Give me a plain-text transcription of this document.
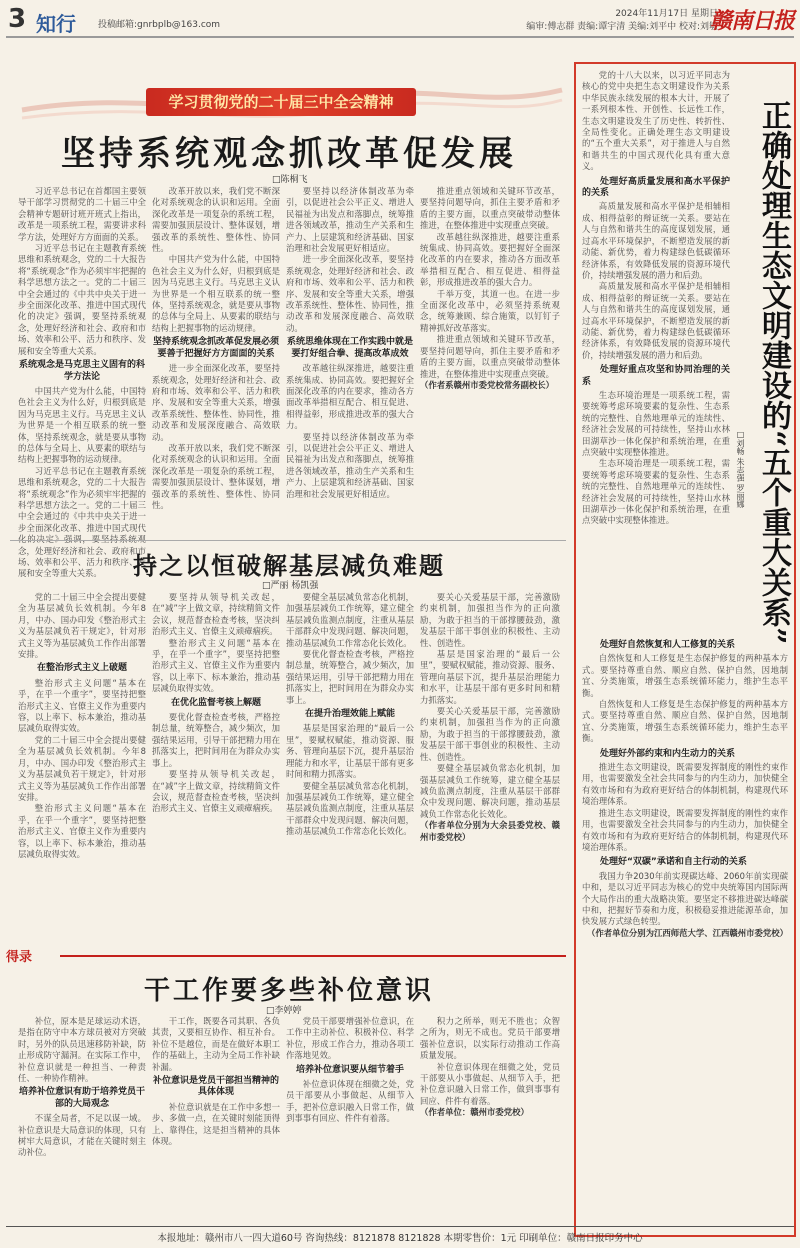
3 知行 投稿邮箱:gnrbplb@163.com
2024年11月17日 星期日
编审:傅志群 责编:谭宇清 美编:刘平中 校对:刘敏
赣南日报
学习贯彻党的二十届三中全会精神
坚持系统观念抓改革促发展
□陈桐飞

习近平总书记在首都国主要领导干部学习贯彻党的二十届三中全会精神专题研讨班开班式上指出，改革是一项系统工程，需要讲求科学方法，处理好方方面面的关系。

习近平总书记在主题教育系统思维和系统观念，党的二十大报告将“系统观念”作为必须牢牢把握的科学思想方法之一。党的二十届三中全会通过的《中共中央关于进一步全面深化改革、推进中国式现代化的决定》强调，要坚持系统观念，处理好经济和社会、政府和市场、效率和公平、活力和秩序、发展和安全等重大关系。

系统观念是马克思主义固有的科学方法论

中国共产党为什么能，中国特色社会主义为什么好，归根到底是因为马克思主义行。马克思主义认为世界是一个相互联系的统一整体，坚持系统观念，就是要从事物的总体与全局上、从要素的联结与结构上把握事物的运动规律。

习近平总书记在主题教育系统思维和系统观念，党的二十大报告将“系统观念”作为必须牢牢把握的科学思想方法之一。党的二十届三中全会通过的《中共中央关于进一步全面深化改革、推进中国式现代 念，处理好经济和社会、政府和市场、效率和公平、活力和秩序、发展和安全等重大关系。

改革开放以来，我们党不断深化对系统观念的认识和运用。全面深化改革是一项复杂的系统工程，需要加强顶层设计、整体谋划，增强改革的系统性、整体性、协同性。

中国共产党为什么能，中国特色社会主义为什么好，归根到底是因为马克思主义行。马克思主义认为世界是一个相互联系的统一整体，坚持系统观念，就是要从事物的总体与全局上、从要素的联结与结构上把握事物的运动规律。

坚持系统观念抓改革促发展必须要善于把握好方方面面的关系

进一步全面深化改革，要坚持系统观念，处理好经济和社会、政府和市场、效率和公平、活力和秩序、发展和安全等重大关系，增强改革系统性、整体性、协同性，推动改革和发展深度融合、高效联动。

改革开放以来，我们党不断深化对系统观念的认识和运用。全面深化改革是一项复杂的系统工程，需要加强顶层设计、整体谋划，增强改革的系统性、整体性、协同性。

要坚持以经济体制改革为牵引，以促进社会公平正义、增进人民福祉为出发点和落脚点，统筹推进各领域改革，推动生产关系和生产力、上层建筑和经济基础、国家治理和社会发展更好相适应。

进一步全面深化改革，要坚持系统观念，处理好经济和社会、政府和市场、效率和公平、活力和秩序、发展和安全等重大关系，增强改革系统性、整体性、协同性，推动改革和发展深度融合、高效联动。

系统思维体现在工作实践中就是要打好组合拳、提高改革成效

改革越往纵深推进，越要注重系统集成、协同高效。要把握好全面深化改革的内在要求，推动各方面改革举措相互配合、相互促进、相得益彰，形成推进改革的强大合力。

要坚持以经济体制改革为牵引，以促进社会公平正义、增进人民福祉为出发点和落脚点，统筹推进各领域改革，推动生产关系和生产力、上层建筑和经济基础、国家治理和社会发展更好相适应。

推进重点领域和关键环节改革，要坚持问题导向，抓住主要矛盾和矛盾的主要方面，以重点突破带动整体推进，在整体推进中实现重点突破。

改革越往纵深推进，越要注重系统集成、协同高效。要把握好全面深化改革的内在要求，推动各方面改革举措相互配合、相互促进、相得益彰，形成推进改革的强大合力。

千举万变，其道一也。在进一步全面深化改革中，必须坚持系统观念，统筹兼顾、综合施策，以钉钉子精神抓好改革落实。

推进重点领域和关键环节改革，要坚持问题导向，抓住主要矛盾和矛盾的主要方面，以重点突破带动整体推进，在整体推进中实现重点突破。

（作者系赣州市委党校常务副校长）

持之以恒破解基层减负难题
□严丽 杨凯强

党的二十届三中全会提出要健全为基层减负长效机制。今年8月，中办、国办印发《整治形式主义为基层减负若干规定》，针对形式主义等为基层减负工作作出部署安排。

在整治形式主义上破题

整治形式主义问题“基本在乎，在乎一个重字”，要坚持把整治形式主义、官僚主义作为重要内容，以上率下、标本兼治，推动基层减负取得实效。

党的二十届三中全会提出要健全为基层减负长效机制。今年8月，中办、国办印发《整治形式主义为基层减负若干规定》，针对形式主义等为基层减负工作作出部署安排。

整治形式主义问题“基本在乎，在乎一个重字”，要坚持把整治形式主义、官僚主义作为重要内容，以上率下、标本兼治，推动基层减负取得实效。

要坚持从领导机关改起，在“减”字上做文章，持续精简文件会议，规范督查检查考核，坚决纠治形式主义、官僚主义顽瘴痼疾。

整治形式主义问题“基本在乎，在乎一个重字”，要坚持把整治形式主义、官僚主义作为重要内容，以上率下、标本兼治，推动基层减负取得实效。

在优化监督考核上解题

要优化督查检查考核，严格控制总量，统筹整合，减少频次，加强结果运用，引导干部把精力用在抓落实上，把时间用在为群众办实事上。

要坚持从领导机关改起，在“减”字上做文章，持续精简文件会议，规范督查检查考核，坚决纠治形式主义、官僚主义顽瘴痼疾。

要健全基层减负常态化机制，加强基层减负工作统筹，建立健全基层减负监测点制度，注重从基层干部群众中发现问题、解决问题，推动基层减负工作常态化长效化。

要优化督查检查考核，严格控制总量，统筹整合，减少频次，加强结果运用，引导干部把精力用在抓落实上，把时间用在为群众办实事上。

在提升治理效能上赋能

基层是国家治理的“最后一公里”，要赋权赋能，推动资源、服务、管理向基层下沉，提升基层治理能力和水平，让基层干部有更多时间和精力抓落实。

要健全基层减负常态化机制，加强基层减负工作统筹，建立健全基层减负监测点制度，注重从基层干部群众中发现问题、解决问题，推动基层减负工作常态化长效化。

要关心关爱基层干部，完善激励约束机制，加强担当作为的正向激励，为敢于担当的干部撑腰鼓劲，激发基层干部干事创业的积极性、主动性、创造性。

基层是国家治理的“最后一公里”，要赋权赋能，推动资源、服务、管理向基层下沉，提升基层治理能力和水平，让基层干部有更多时间和精力抓落实。

要关心关爱基层干部，完善激励约束机制，加强担当作为的正向激励，为敢于担当的干部撑腰鼓劲，激发基层干部干事创业的积极性、主动性、创造性。

要健全基层减负常态化机制，加强基层减负工作统筹，建立健全基层减负监测点制度，注重从基层干部群众中发现问题、解决问题，推动基层减负工作常态化长效化。

（作者单位分别为大余县委党校、赣州市委党校）

得录
干工作要多些补位意识
□李婷婷

补位，原本是足球运动术语，是指在防守中本方球员被对方突破时，另外的队员迅速移防补缺，防止形成防守漏洞。在实际工作中，补位意识就是一种担当、一种责任、一种协作精神。

培养补位意识有助于培养党员干部的大局观念

不谋全局者，不足以谋一域。补位意识是大局意识的体现，只有树牢大局意识，才能在关键时刻主动补位。

干工作，既要各司其职、各负其责，又要相互协作、相互补台。补位不是越位，而是在做好本职工作的基础上，主动为全局工作补缺补漏。

补位意识是党员干部担当精神的具体体现

补位意识就是在工作中多想一步、多做一点，在关键时刻能顶得上、靠得住，这是担当精神的具体体现。

党员干部要增强补位意识，在工作中主动补位、积极补位、科学补位，形成工作合力，推动各项工作落地见效。

培养补位意识要从细节着手

补位意识体现在细微之处，党员干部要从小事做起、从细节入手，把补位意识融入日常工作，做到事事有回应、件件有着落。

积力之所举，则无不胜也；众智之所为，则无不成也。党员干部要增强补位意识，以实际行动推动工作高质量发展。

补位意识体现在细微之处，党员干部要从小事做起、从细节入手，把补位意识融入日常工作，做到事事有回应、件件有着落。

（作者单位：赣州市委党校）

正确处理生态文明建设的“五个重大关系”
□刘畅 朱志强 罗丽娜

党的十八大以来，以习近平同志为核心的党中央把生态文明建设作为关系中华民族永续发展的根本大计，开展了一系列根本性、开创性、长远性工作，生态文明建设发生了历史性、转折性、全局性变化。正确处理生态文明建设的“五个重大关系”，对于推进人与自然和谐共生的中国式现代化具有重大意义。

处理好高质量发展和高水平保护的关系

高质量发展和高水平保护是相辅相成、相得益彰的辩证统一关系。要站在人与自然和谐共生的高度谋划发展，通过高水平环境保护，不断塑造发展的新动能、新优势，着力构建绿色低碳循环经济体系，有效降低发展的资源环境代价，持续增强发展的潜力和后劲。

高质量发展和高水平保护是相辅相成、相得益彰的辩证统一关系。要站在人与自然和谐共生的高度谋划发展，通过高水平环境保护，不断塑造发展的新动能、新优势，着力构建绿色低碳循环经济体系，有效降低发展的资源环境代价，持续增强发展的潜力和后劲。

处理好重点攻坚和协同治理的关系

生态环境治理是一项系统工程，需要统筹考虑环境要素的复杂性、生态系统的完整性、自然地理单元的连续性、经济社会发展的可持续性，坚持山水林田湖草沙一体化保护和系统治理，在重点突破中实现整体推进。

生态环境治理是一项系统工程，需要统筹考虑环境要素的复杂性、生态系统的完整性、自然地理单元的连续性、经济社会发展的可持续性，坚持山水林田湖草沙一体化保护和系统治理，在重点突破中实现整体推进。

处理好自然恢复和人工修复的关系

自然恢复和人工修复是生态保护修复的两种基本方式。要坚持尊重自然、顺应自然、保护自然，因地制宜、分类施策，增强生态系统循环能力，维护生态平衡。

自然恢复和人工修复是生态保护修复的两种基本方式。要坚持尊重自然、顺应自然、保护自然，因地制宜、分类施策，增强生态系统循环能力，维护生态平衡。

处理好外部约束和内生动力的关系

推进生态文明建设，既需要发挥制度的刚性约束作用，也需要激发全社会共同参与的内生动力，加快健全有效市场和有为政府更好结合的体制机制，构建现代环境治理体系。

推进生态文明建设，既需要发挥制度的刚性约束作用，也需要激发全社会共同参与的内生动力，加快健全有效市场和有为政府更好结合的体制机制，构建现代环境治理体系。

处理好“双碳”承诺和自主行动的关系

我国力争2030年前实现碳达峰、2060年前实现碳中和，是以习近平同志为核心的党中央统筹国内国际两个大局作出的重大战略决策。要坚定不移推进碳达峰碳中和，把握好节奏和力度，积极稳妥推进能源革命，加快发展方式绿色转型。

（作者单位分别为江西师范大学、江西赣州市委党校）

本报地址：赣州市八一四大道60号 咨询热线：8121878 8121828 本期零售价：1元 印刷单位：赣南日报印务中心
